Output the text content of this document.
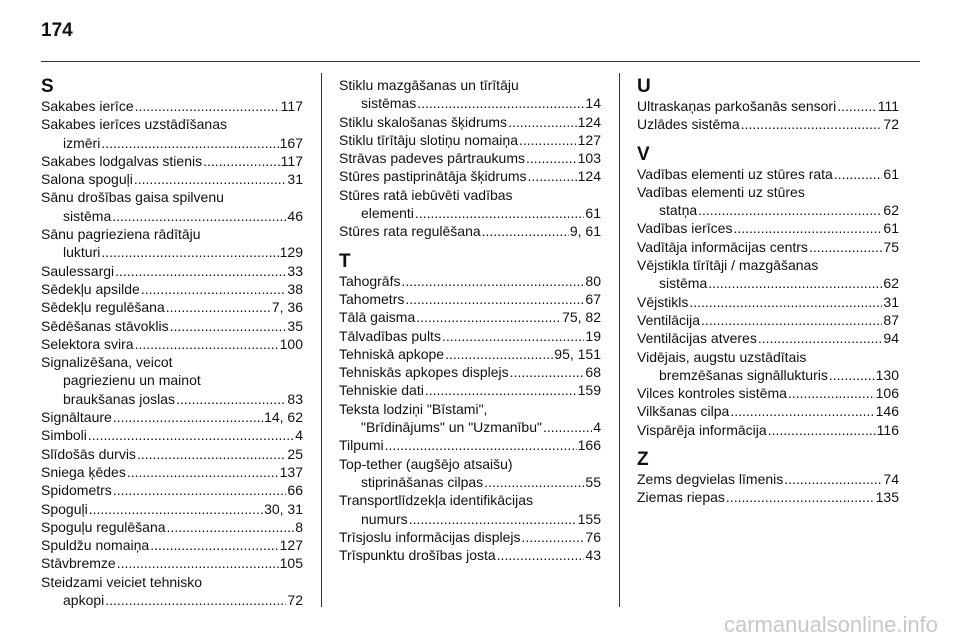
174
S
Sakabes ierīce .....	117
Sakabes ierīces uzstādīšanas
izmēri .....	167
Sakabes lodgalvas stienis .....	117
Salona spoguļi .....	31
Sānu drošības gaisa spilvenu
sistēma .....	46
Sānu pagrieziena rādītāju
lukturi .....	129
Saulessargi .....	33
Sēdekļu apsilde .....	38
Sēdekļu regulēšana .....	7, 36
Sēdēšanas stāvoklis .....	35
Selektora svira .....	100
Signalizēšana, veicot
pagriezienu un mainot
braukšanas joslas .....	83
Signāltaure .....	14, 62
Simboli .....	4
Slīdošās durvis .....	25
Sniega ķēdes .....	137
Spidometrs .....	66
Spoguļi .....	30, 31
Spoguļu regulēšana .....	8
Spuldžu nomaiņa .....	127
Stāvbremze .....	105
Steidzami veiciet tehnisko
apkopi .....	72
Stiklu mazgāšanas un tīrītāju
sistēmas .....	14
Stiklu skalošanas šķidrums .....	124
Stiklu tīrītāju slotiņu nomaiņa .....	127
Strāvas padeves pārtraukums .....	103
Stūres pastiprinātāja šķidrums .....	124
Stūres ratā iebūvēti vadības
elementi .....	61
Stūres rata regulēšana .....	9, 61
T
Tahogrāfs .....	80
Tahometrs .....	67
Tālā gaisma .....	75, 82
Tālvadības pults .....	19
Tehniskā apkope .....	95, 151
Tehniskās apkopes displejs .....	68
Tehniskie dati .....	159
Teksta lodziņi "Bīstami",
"Brīdinājums" un "Uzmanību" .....	4
Tilpumi .....	166
Top-tether (augšējo atsaišu)
stiprināšanas cilpas .....	55
Transportlīdzekļa identifikācijas
numurs .....	155
Trīsjoslu informācijas displejs .....	76
Trīspunktu drošības josta .....	43
U
Ultraskaņas parkošanās sensori .....	111
Uzlādes sistēma .....	72
V
Vadības elementi uz stūres rata .....	61
Vadības elementi uz stūres
statņa .....	62
Vadības ierīces .....	61
Vadītāja informācijas centrs .....	75
Vējstikla tīrītāji / mazgāšanas
sistēma .....	62
Vējstikls .....	31
Ventilācija .....	87
Ventilācijas atveres .....	94
Vidējais, augstu uzstādītais
bremzēšanas signāllukturis .....	130
Vilces kontroles sistēma .....	106
Vilkšanas cilpa .....	146
Vispārēja informācija .....	116
Z
Zems degvielas līmenis .....	74
Ziemas riepas .....	135
carmanualsonline.info
